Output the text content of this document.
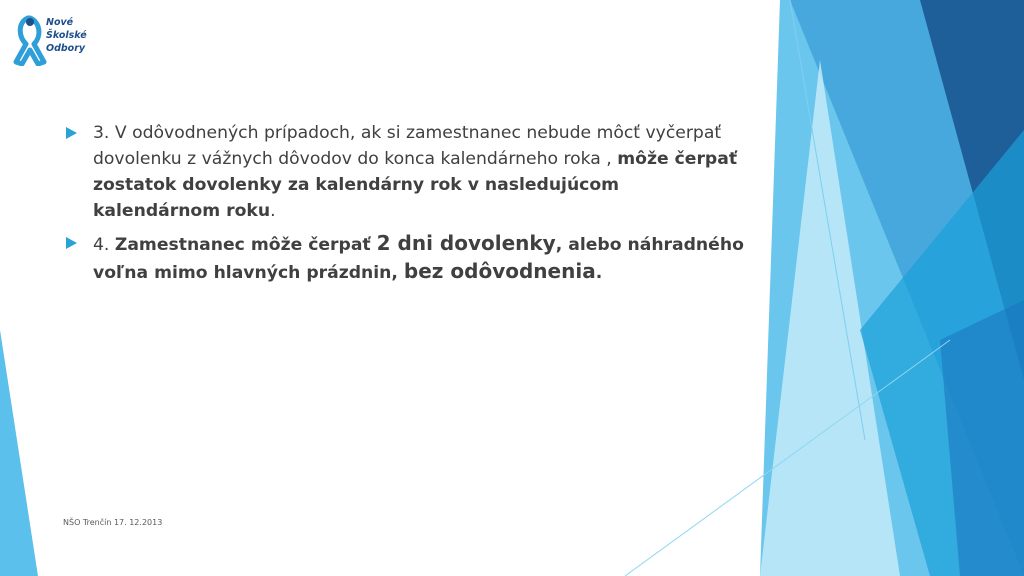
Nové
Školské
Odbory
3. V odôvodnených prípadoch, ak si zamestnanec nebude môcť vyčerpať dovolenku z vážnych dôvodov do konca kalendárneho roka , môže čerpať zostatok dovolenky za kalendárny rok v nasledujúcom kalendárnom roku.
4. Zamestnanec môže čerpať 2 dni dovolenky, alebo náhradného voľna mimo hlavných prázdnin, bez odôvodnenia.
NŠO Trenčín 17. 12.2013
